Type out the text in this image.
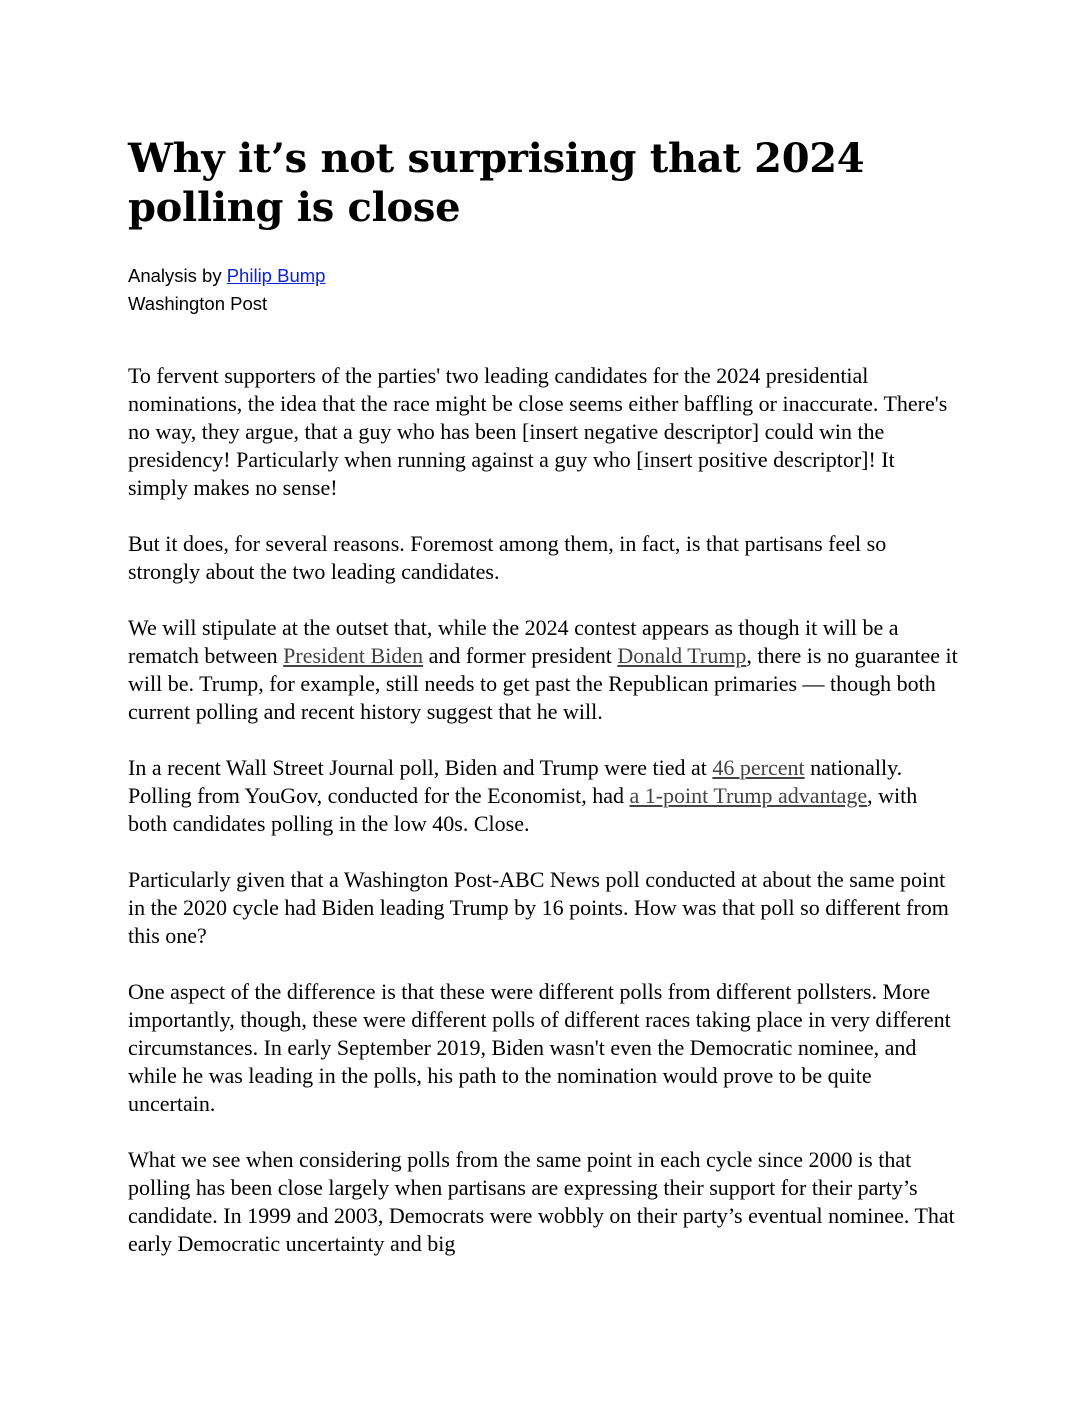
Why it’s not surprising that 2024 polling is close
Analysis by Philip Bump
Washington Post

To fervent supporters of the parties' two leading candidates for the 2024 presidential nominations, the idea that the race might be close seems either baffling or inaccurate. There's no way, they argue, that a guy who has been [insert negative descriptor] could win the presidency! Particularly when running against a guy who [insert positive descriptor]! It simply makes no sense!

But it does, for several reasons. Foremost among them, in fact, is that partisans feel so strongly about the two leading candidates.

We will stipulate at the outset that, while the 2024 contest appears as though it will be a rematch between President Biden and former president Donald Trump, there is no guarantee it will be. Trump, for example, still needs to get past the Republican primaries — though both current polling and recent history suggest that he will.

In a recent Wall Street Journal poll, Biden and Trump were tied at 46 percent nationally. Polling from YouGov, conducted for the Economist, had a 1-point Trump advantage, with both candidates polling in the low 40s. Close.

Particularly given that a Washington Post-ABC News poll conducted at about the same point in the 2020 cycle had Biden leading Trump by 16 points. How was that poll so different from this one?

One aspect of the difference is that these were different polls from different pollsters. More importantly, though, these were different polls of different races taking place in very different circumstances. In early September 2019, Biden wasn't even the Democratic nominee, and while he was leading in the polls, his path to the nomination would prove to be quite uncertain.

What we see when considering polls from the same point in each cycle since 2000 is that polling has been close largely when partisans are expressing their support for their party’s candidate. In 1999 and 2003, Democrats were wobbly on their party’s eventual nominee. That early Democratic uncertainty and big
